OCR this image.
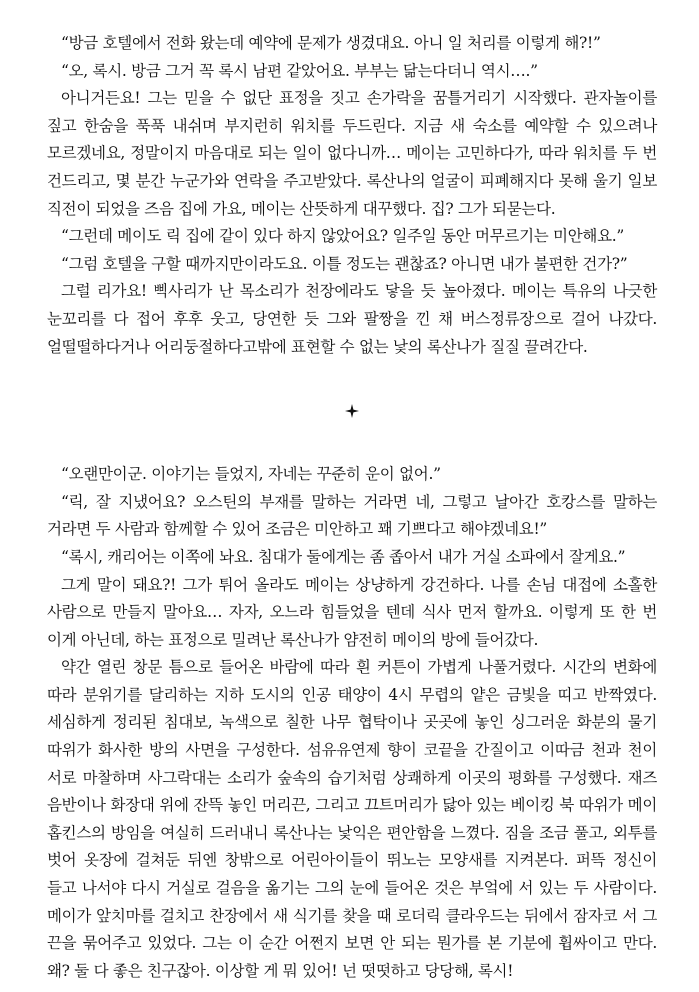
“방금 호텔에서 전화 왔는데 예약에 문제가 생겼대요. 아니 일 처리를 이렇게 해?!”

“오, 록시. 방금 그거 꼭 록시 남편 같았어요. 부부는 닮는다더니 역시….”

아니거든요! 그는 믿을 수 없단 표정을 짓고 손가락을 꿈틀거리기 시작했다. 관자놀이를 짚고 한숨을 푹푹 내쉬며 부지런히 워치를 두드린다. 지금 새 숙소를 예약할 수 있으려나 모르겠네요, 정말이지 마음대로 되는 일이 없다니까… 메이는 고민하다가, 따라 워치를 두 번 건드리고, 몇 분간 누군가와 연락을 주고받았다. 록산나의 얼굴이 피폐해지다 못해 울기 일보 직전이 되었을 즈음 집에 가요, 메이는 산뜻하게 대꾸했다. 집? 그가 되묻는다.

“그런데 메이도 릭 집에 같이 있다 하지 않았어요? 일주일 동안 머무르기는 미안해요.”

“그럼 호텔을 구할 때까지만이라도요. 이틀 정도는 괜찮죠? 아니면 내가 불편한 건가?”

그럴 리가요! 삑사리가 난 목소리가 천장에라도 닿을 듯 높아졌다. 메이는 특유의 나긋한 눈꼬리를 다 접어 후후 웃고, 당연한 듯 그와 팔짱을 낀 채 버스정류장으로 걸어 나갔다. 얼떨떨하다거나 어리둥절하다고밖에 표현할 수 없는 낯의 록산나가 질질 끌려간다.

“오랜만이군. 이야기는 들었지, 자네는 꾸준히 운이 없어.”

“릭, 잘 지냈어요? 오스틴의 부재를 말하는 거라면 네, 그렇고 날아간 호캉스를 말하는 거라면 두 사람과 함께할 수 있어 조금은 미안하고 꽤 기쁘다고 해야겠네요!”

“록시, 캐리어는 이쪽에 놔요. 침대가 둘에게는 좀 좁아서 내가 거실 소파에서 잘게요.”

그게 말이 돼요?! 그가 튀어 올라도 메이는 상냥하게 강건하다. 나를 손님 대접에 소홀한 사람으로 만들지 말아요… 자자, 오느라 힘들었을 텐데 식사 먼저 할까요. 이렇게 또 한 번 이게 아닌데, 하는 표정으로 밀려난 록산나가 얌전히 메이의 방에 들어갔다.

약간 열린 창문 틈으로 들어온 바람에 따라 흰 커튼이 가볍게 나풀거렸다. 시간의 변화에 따라 분위기를 달리하는 지하 도시의 인공 태양이 4시 무렵의 얕은 금빛을 띠고 반짝였다. 세심하게 정리된 침대보, 녹색으로 칠한 나무 협탁이나 곳곳에 놓인 싱그러운 화분의 물기 따위가 화사한 방의 사면을 구성한다. 섬유유연제 향이 코끝을 간질이고 이따금 천과 천이 서로 마찰하며 사그락대는 소리가 숲속의 습기처럼 상쾌하게 이곳의 평화를 구성했다. 재즈 음반이나 화장대 위에 잔뜩 놓인 머리끈, 그리고 끄트머리가 닳아 있는 베이킹 북 따위가 메이 홉킨스의 방임을 여실히 드러내니 록산나는 낯익은 편안함을 느꼈다. 짐을 조금 풀고, 외투를 벗어 옷장에 걸쳐둔 뒤엔 창밖으로 어린아이들이 뛰노는 모양새를 지켜본다. 퍼뜩 정신이 들고 나서야 다시 거실로 걸음을 옮기는 그의 눈에 들어온 것은 부엌에 서 있는 두 사람이다. 메이가 앞치마를 걸치고 찬장에서 새 식기를 찾을 때 로더릭 클라우드는 뒤에서 잠자코 서 그 끈을 묶어주고 있었다. 그는 이 순간 어쩐지 보면 안 되는 뭔가를 본 기분에 휩싸이고 만다. 왜? 둘 다 좋은 친구잖아. 이상할 게 뭐 있어! 넌 떳떳하고 당당해, 록시!
